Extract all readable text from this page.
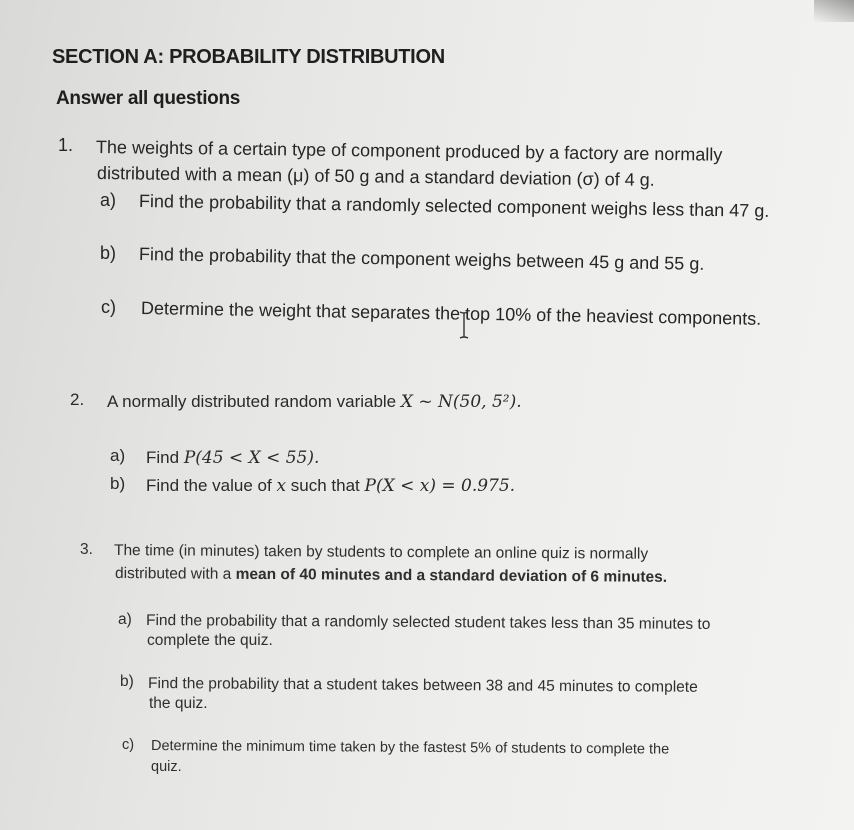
SECTION A: PROBABILITY DISTRIBUTION
Answer all questions
1. The weights of a certain type of component produced by a factory are normally
distributed with a mean (μ) of 50 g and a standard deviation (σ) of 4 g.
a) Find the probability that a randomly selected component weighs less than 47 g.
b) Find the probability that the component weighs between 45 g and 55 g.
c) Determine the weight that separates the top 10% of the heaviest components.
2. A normally distributed random variable X ~ N(50, 5²).
a) Find P(45 < X < 55).
b) Find the value of x such that P(X < x) = 0.975.
3. The time (in minutes) taken by students to complete an online quiz is normally
distributed with a mean of 40 minutes and a standard deviation of 6 minutes.
a) Find the probability that a randomly selected student takes less than 35 minutes to
complete the quiz.
b) Find the probability that a student takes between 38 and 45 minutes to complete
the quiz.
c) Determine the minimum time taken by the fastest 5% of students to complete the
quiz.
